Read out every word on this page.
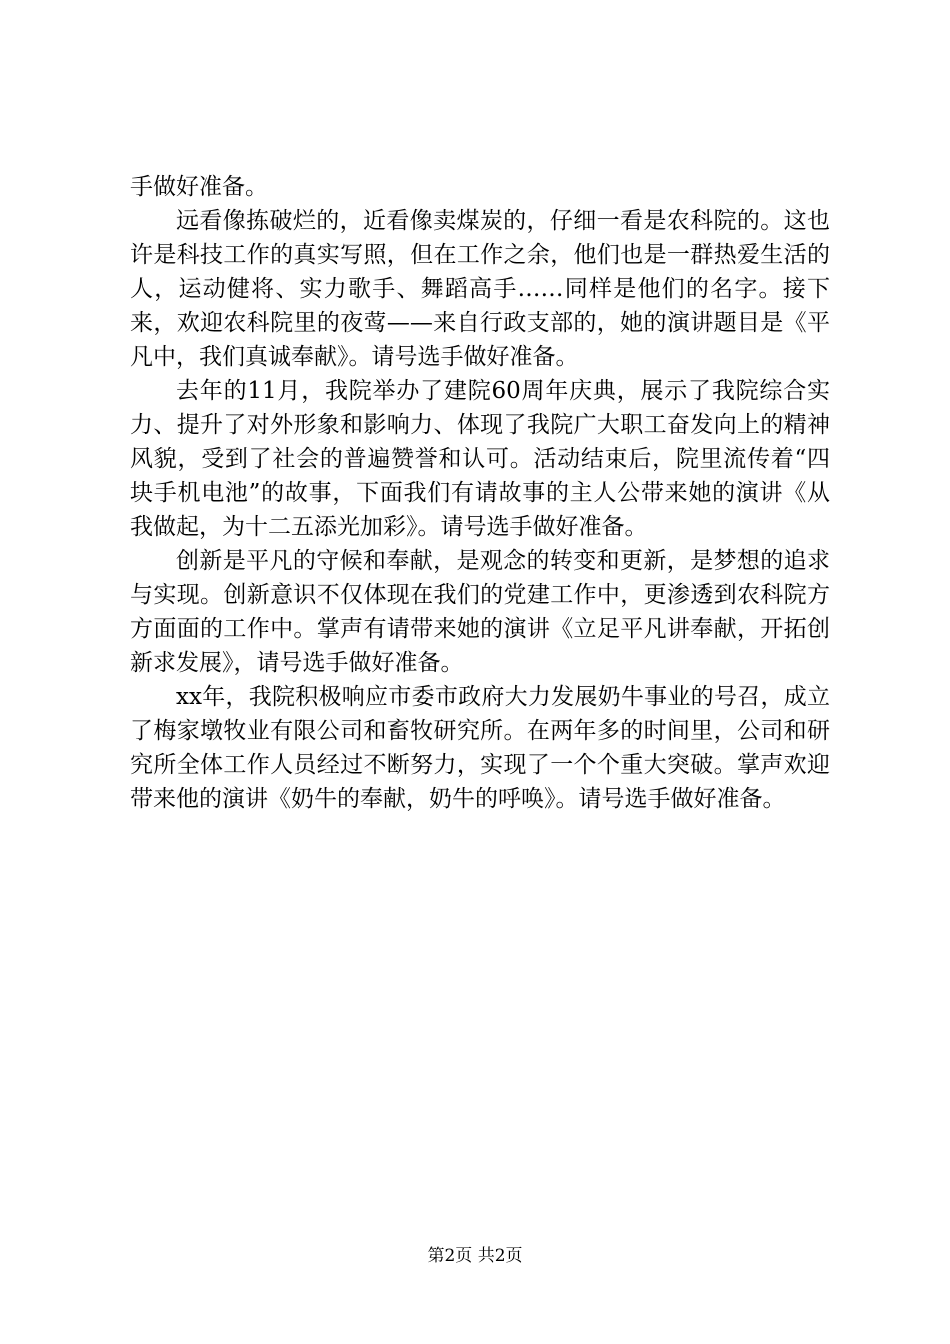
手做好准备。

远看像拣破烂的，近看像卖煤炭的，仔细一看是农科院的。这也许是科技工作的真实写照，但在工作之余，他们也是一群热爱生活的人，运动健将、实力歌手、舞蹈高手……同样是他们的名字。接下来，欢迎农科院里的夜莺——来自行政支部的，她的演讲题目是《平凡中，我们真诚奉献》。请号选手做好准备。

去年的11月，我院举办了建院60周年庆典，展示了我院综合实力、提升了对外形象和影响力、体现了我院广大职工奋发向上的精神风貌，受到了社会的普遍赞誉和认可。活动结束后，院里流传着“四块手机电池”的故事，下面我们有请故事的主人公带来她的演讲《从我做起，为十二五添光加彩》。请号选手做好准备。

创新是平凡的守候和奉献，是观念的转变和更新，是梦想的追求与实现。创新意识不仅体现在我们的党建工作中，更渗透到农科院方方面面的工作中。掌声有请带来她的演讲《立足平凡讲奉献，开拓创新求发展》，请号选手做好准备。

xx年，我院积极响应市委市政府大力发展奶牛事业的号召，成立了梅家墩牧业有限公司和畜牧研究所。在两年多的时间里，公司和研究所全体工作人员经过不断努力，实现了一个个重大突破。掌声欢迎带来他的演讲《奶牛的奉献，奶牛的呼唤》。请号选手做好准备。

第2页 共2页
